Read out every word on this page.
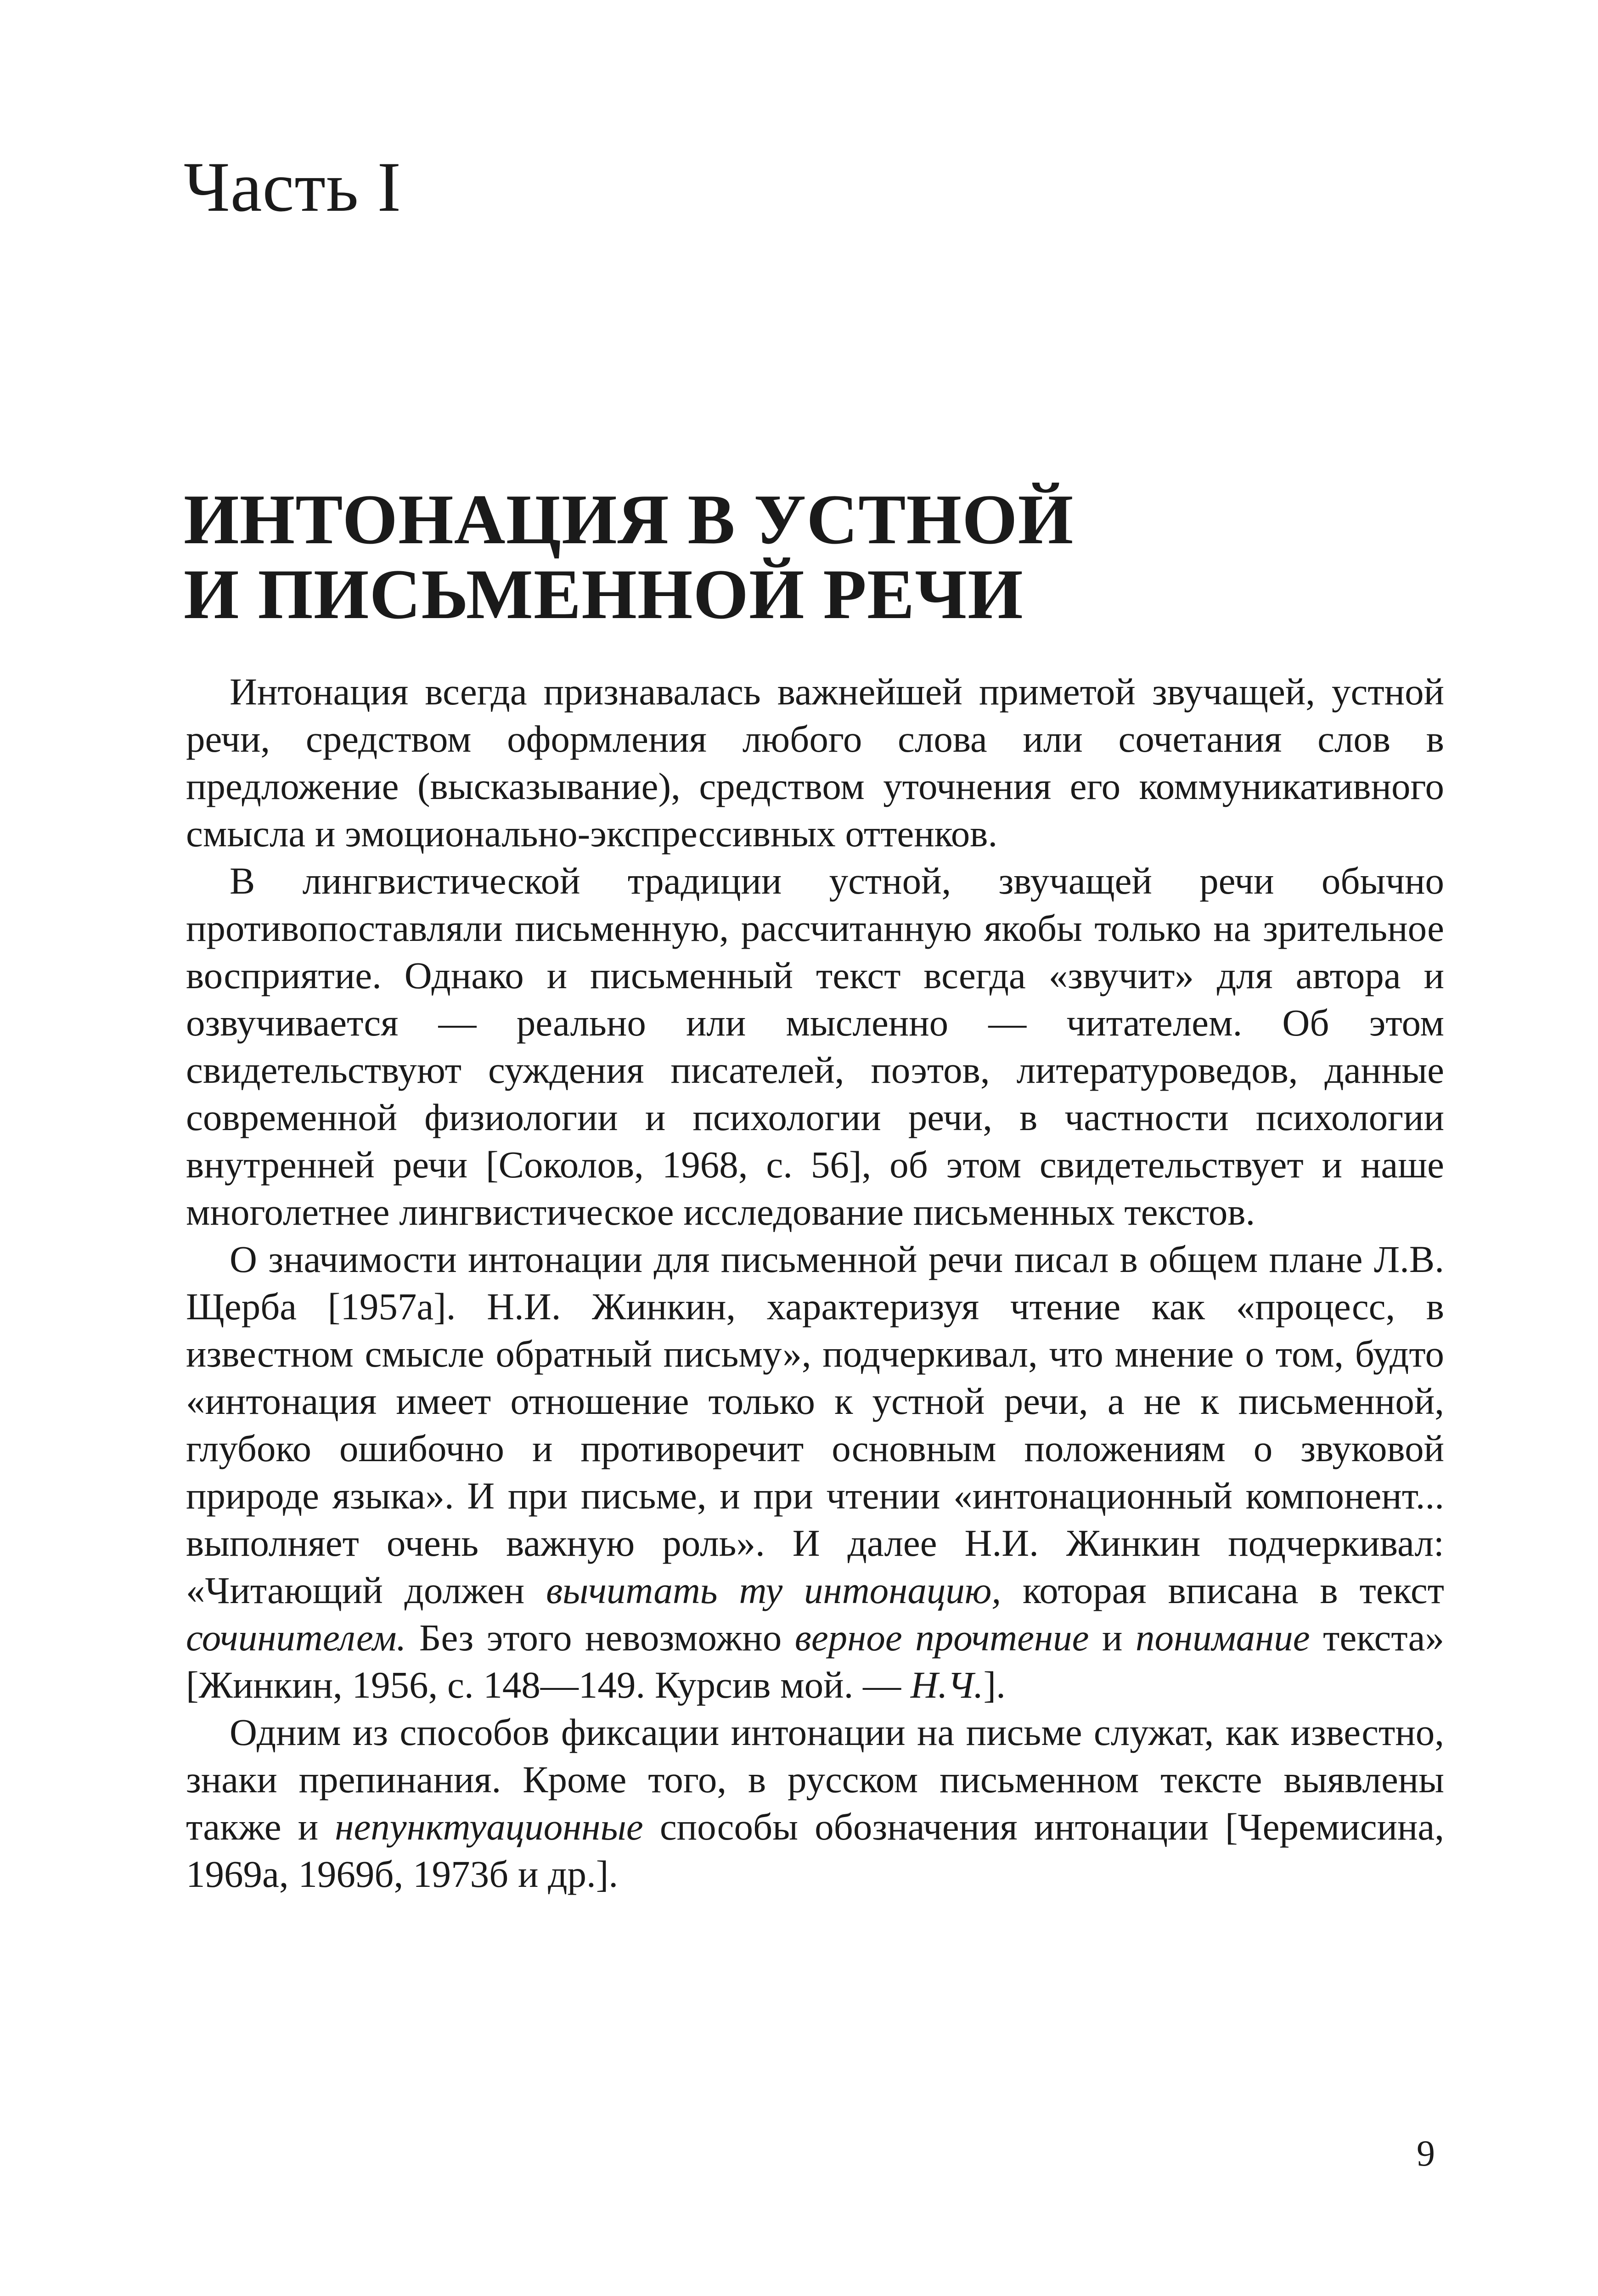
Часть I
ИНТОНАЦИЯ В УСТНОЙ
И ПИСЬМЕННОЙ РЕЧИ

Интонация всегда признавалась важнейшей приметой звучащей, устной речи, средством оформления любого слова или сочетания слов в предложение (высказывание), средством уточнения его коммуникативного смысла и эмоционально-экспрессивных оттенков.

В лингвистической традиции устной, звучащей речи обычно противопоставляли письменную, рассчитанную якобы только на зрительное восприятие. Однако и письменный текст всегда «звучит» для автора и озвучивается — реально или мысленно — читателем. Об этом свидетельствуют суждения писателей, поэтов, литературоведов, данные современной физиологии и психологии речи, в частности психологии внутренней речи [Соколов, 1968, с. 56], об этом свидетельствует и наше многолетнее лингвистическое исследование письменных текстов.

О значимости интонации для письменной речи писал в общем плане Л.В. Щерба [1957а]. Н.И. Жинкин, характеризуя чтение как «процесс, в известном смысле обратный письму», подчеркивал, что мнение о том, будто «интонация имеет отношение только к устной речи, а не к письменной, глубоко ошибочно и противоречит основным положениям о звуковой природе языка». И при письме, и при чтении «интонационный компонент... выполняет очень важную роль». И далее Н.И. Жинкин подчеркивал: «Читающий должен вычитать ту интонацию, которая вписана в текст сочинителем. Без этого невозможно верное прочтение и понимание текста» [Жинкин, 1956, с. 148—149. Курсив мой. — Н.Ч.].

Одним из способов фиксации интонации на письме служат, как известно, знаки препинания. Кроме того, в русском письменном тексте выявлены также и непунктуационные способы обозначения интонации [Черемисина, 1969а, 1969б, 1973б и др.].

9
